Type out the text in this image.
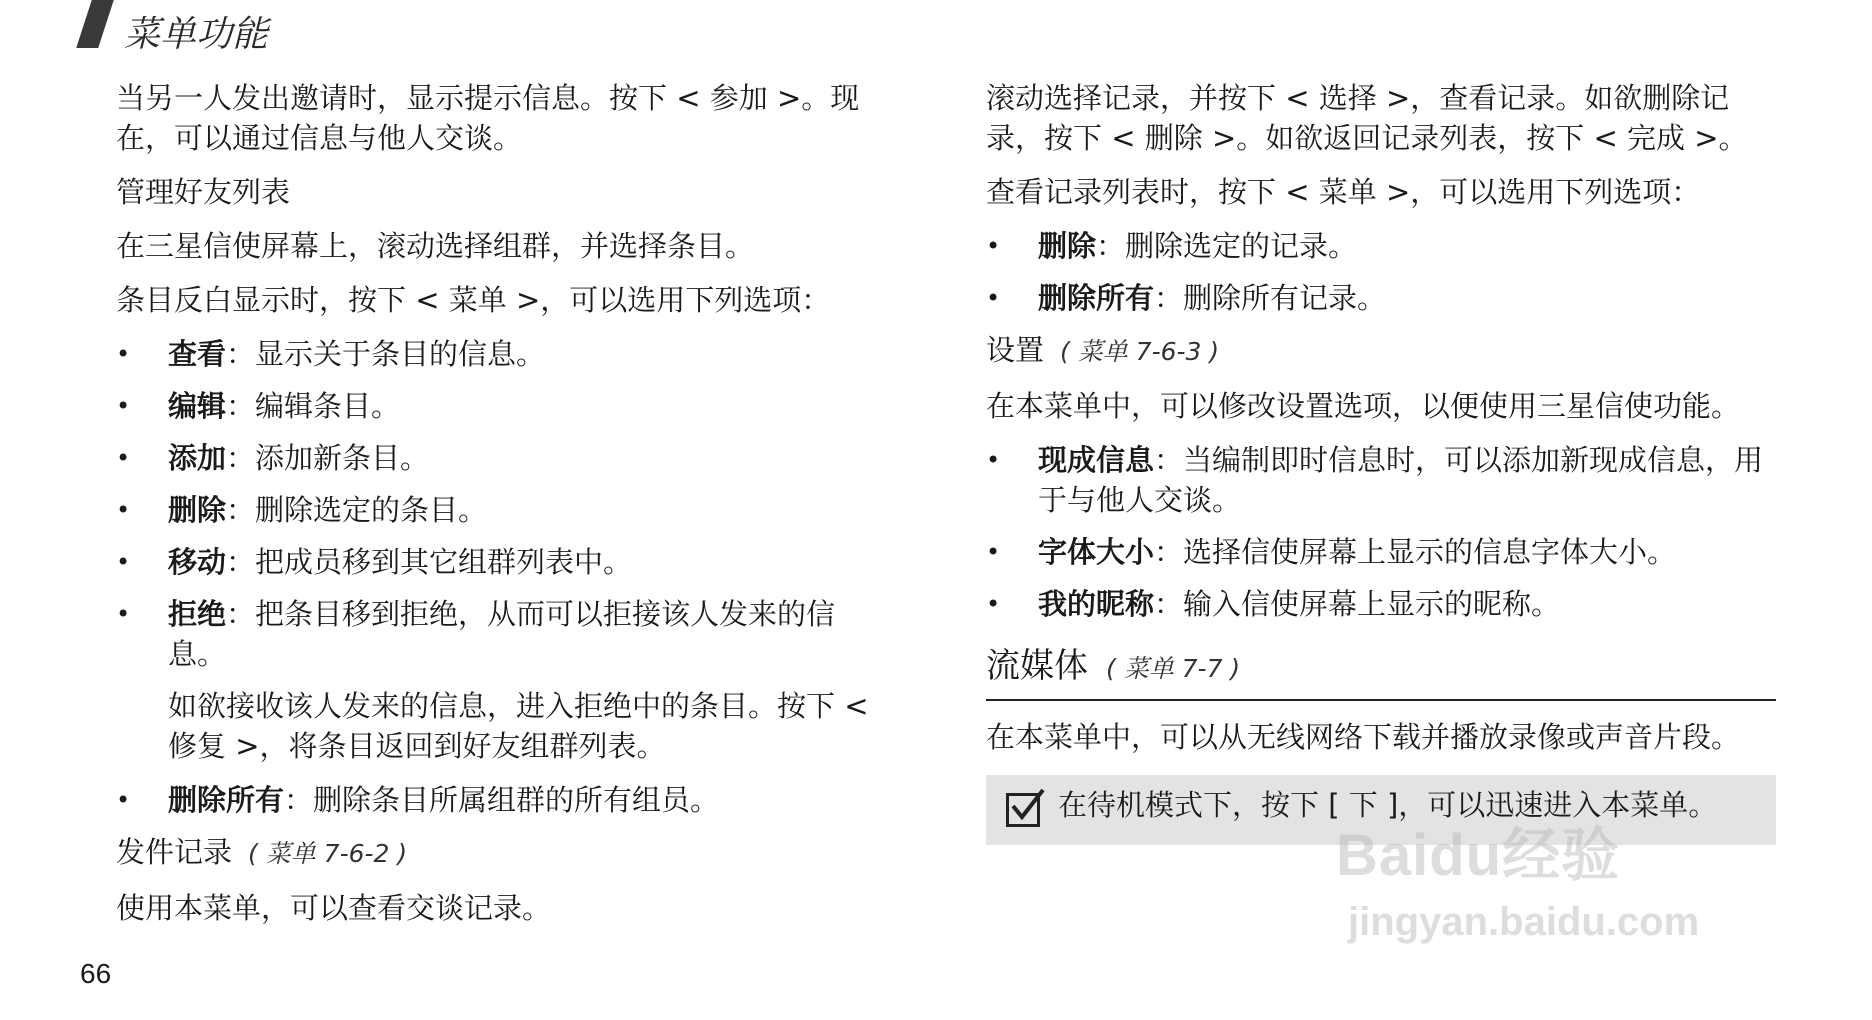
菜单功能

当另一人发出邀请时，显示提示信息。按下 < 参加 >。现在，可以通过信息与他人交谈。

管理好友列表

在三星信使屏幕上，滚动选择组群，并选择条目。

条目反白显示时，按下 < 菜单 >，可以选用下列选项：

• 查看：显示关于条目的信息。
• 编辑：编辑条目。
• 添加：添加新条目。
• 删除：删除选定的条目。
• 移动：把成员移到其它组群列表中。
• 拒绝：把条目移到拒绝，从而可以拒接该人发来的信息。

如欲接收该人发来的信息，进入拒绝中的条目。按下 < 修复 >，将条目返回到好友组群列表。

• 删除所有：删除条目所属组群的所有组员。

发件记录 ( 菜单 7-6-2 )

使用本菜单，可以查看交谈记录。

滚动选择记录，并按下 < 选择 >，查看记录。如欲删除记录，按下 < 删除 >。如欲返回记录列表，按下 < 完成 >。

查看记录列表时，按下 < 菜单 >，可以选用下列选项：

• 删除：删除选定的记录。
• 删除所有：删除所有记录。

设置 ( 菜单 7-6-3 )

在本菜单中，可以修改设置选项，以便使用三星信使功能。

• 现成信息：当编制即时信息时，可以添加新现成信息，用于与他人交谈。
• 字体大小：选择信使屏幕上显示的信息字体大小。
• 我的昵称：输入信使屏幕上显示的昵称。
流媒体 ( 菜单 7-7 )

在本菜单中，可以从无线网络下载并播放录像或声音片段。

在待机模式下，按下 [ 下 ]，可以迅速进入本菜单。
66
Baidu经验
jingyan.baidu.com
